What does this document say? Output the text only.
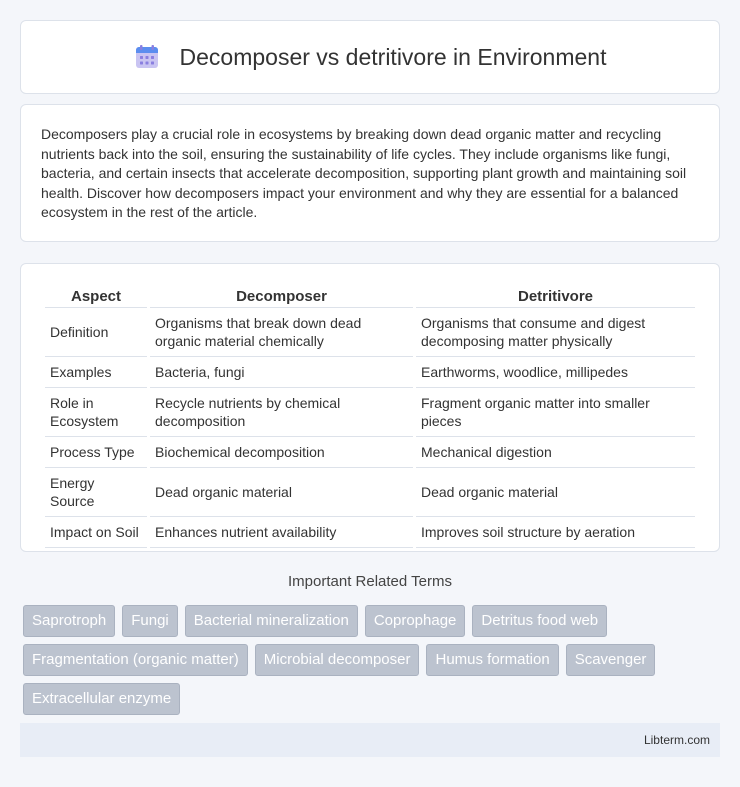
Decomposer vs detritivore in Environment

Decomposers play a crucial role in ecosystems by breaking down dead organic matter and recycling nutrients back into the soil, ensuring the sustainability of life cycles. They include organisms like fungi, bacteria, and certain insects that accelerate decomposition, supporting plant growth and maintaining soil health. Discover how decomposers impact your environment and why they are essential for a balanced ecosystem in the rest of the article.

Aspect	Decomposer	Detritivore
Definition	Organisms that break down dead organic material chemically	Organisms that consume and digest decomposing matter physically
Examples	Bacteria, fungi	Earthworms, woodlice, millipedes
Role in Ecosystem	Recycle nutrients by chemical decomposition	Fragment organic matter into smaller pieces
Process Type	Biochemical decomposition	Mechanical digestion
Energy Source	Dead organic material	Dead organic material
Impact on Soil	Enhances nutrient availability	Improves soil structure by aeration
Important Related Terms
Saprotroph	Fungi	Bacterial mineralization	Coprophage	Detritus food web
Fragmentation (organic matter)	Microbial decomposer	Humus formation	Scavenger
Extracellular enzyme
Libterm.com
